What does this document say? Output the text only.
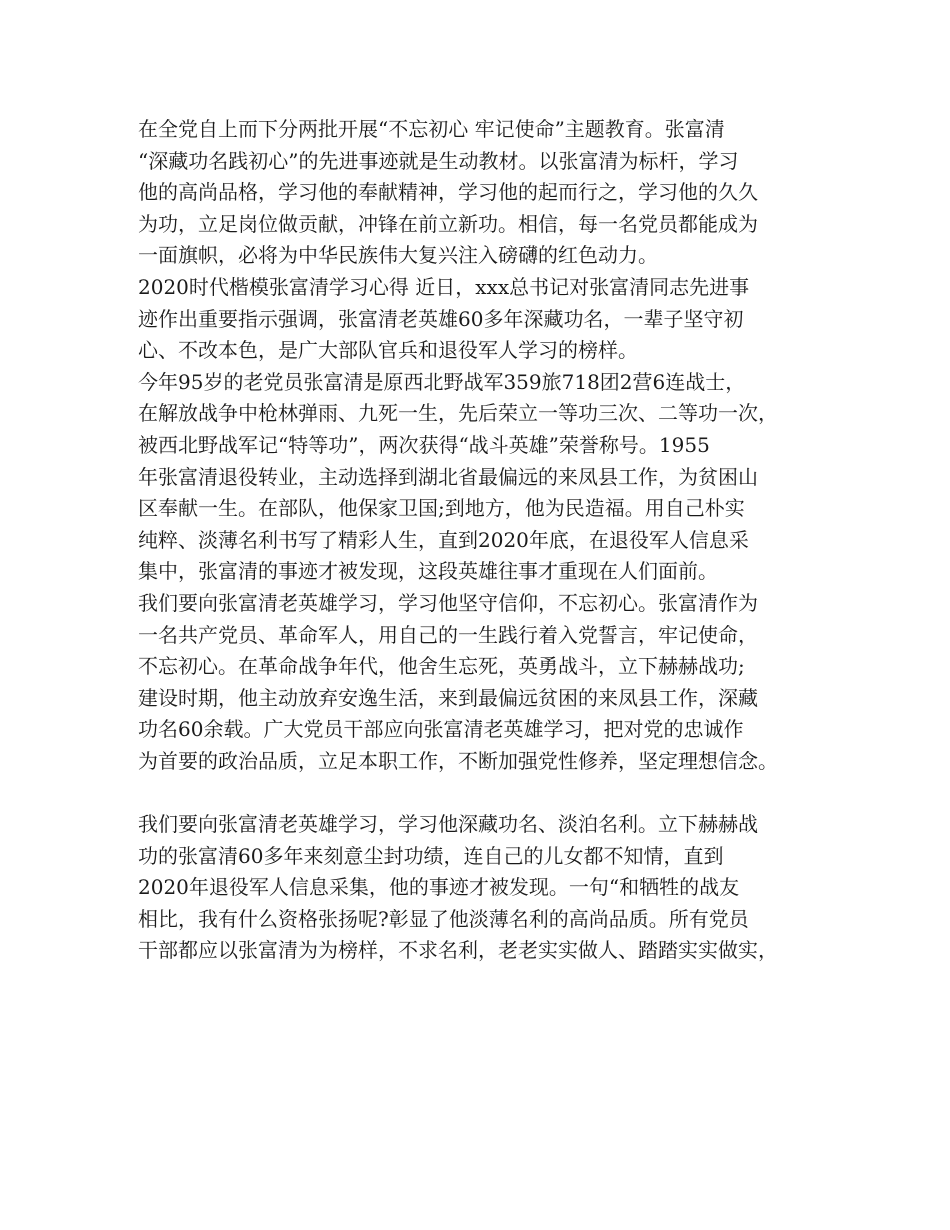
在全党自上而下分两批开展“不忘初心 牢记使命”主题教育。张富清
“深藏功名践初心”的先进事迹就是生动教材。以张富清为标杆，学习
他的高尚品格，学习他的奉献精神，学习他的起而行之，学习他的久久
为功，立足岗位做贡献，冲锋在前立新功。相信，每一名党员都能成为
一面旗帜，必将为中华民族伟大复兴注入磅礴的红色动力。
2020时代楷模张富清学习心得 近日，xxx总书记对张富清同志先进事
迹作出重要指示强调，张富清老英雄60多年深藏功名，一辈子坚守初
心、不改本色，是广大部队官兵和退役军人学习的榜样。
今年95岁的老党员张富清是原西北野战军359旅718团2营6连战士，
在解放战争中枪林弹雨、九死一生，先后荣立一等功三次、二等功一次，
被西北野战军记“特等功”，两次获得“战斗英雄”荣誉称号。1955
年张富清退役转业，主动选择到湖北省最偏远的来凤县工作，为贫困山
区奉献一生。在部队，他保家卫国;到地方，他为民造福。用自己朴实
纯粹、淡薄名利书写了精彩人生，直到2020年底，在退役军人信息采
集中，张富清的事迹才被发现，这段英雄往事才重现在人们面前。
我们要向张富清老英雄学习，学习他坚守信仰，不忘初心。张富清作为
一名共产党员、革命军人，用自己的一生践行着入党誓言，牢记使命，
不忘初心。在革命战争年代，他舍生忘死，英勇战斗，立下赫赫战功;
建设时期，他主动放弃安逸生活，来到最偏远贫困的来凤县工作，深藏
功名60余载。广大党员干部应向张富清老英雄学习，把对党的忠诚作
为首要的政治品质，立足本职工作，不断加强党性修养，坚定理想信念。
我们要向张富清老英雄学习，学习他深藏功名、淡泊名利。立下赫赫战
功的张富清60多年来刻意尘封功绩，连自己的儿女都不知情，直到
2020年退役军人信息采集，他的事迹才被发现。一句“和牺牲的战友
相比，我有什么资格张扬呢?彰显了他淡薄名利的高尚品质。所有党员
干部都应以张富清为为榜样，不求名利，老老实实做人、踏踏实实做实，
